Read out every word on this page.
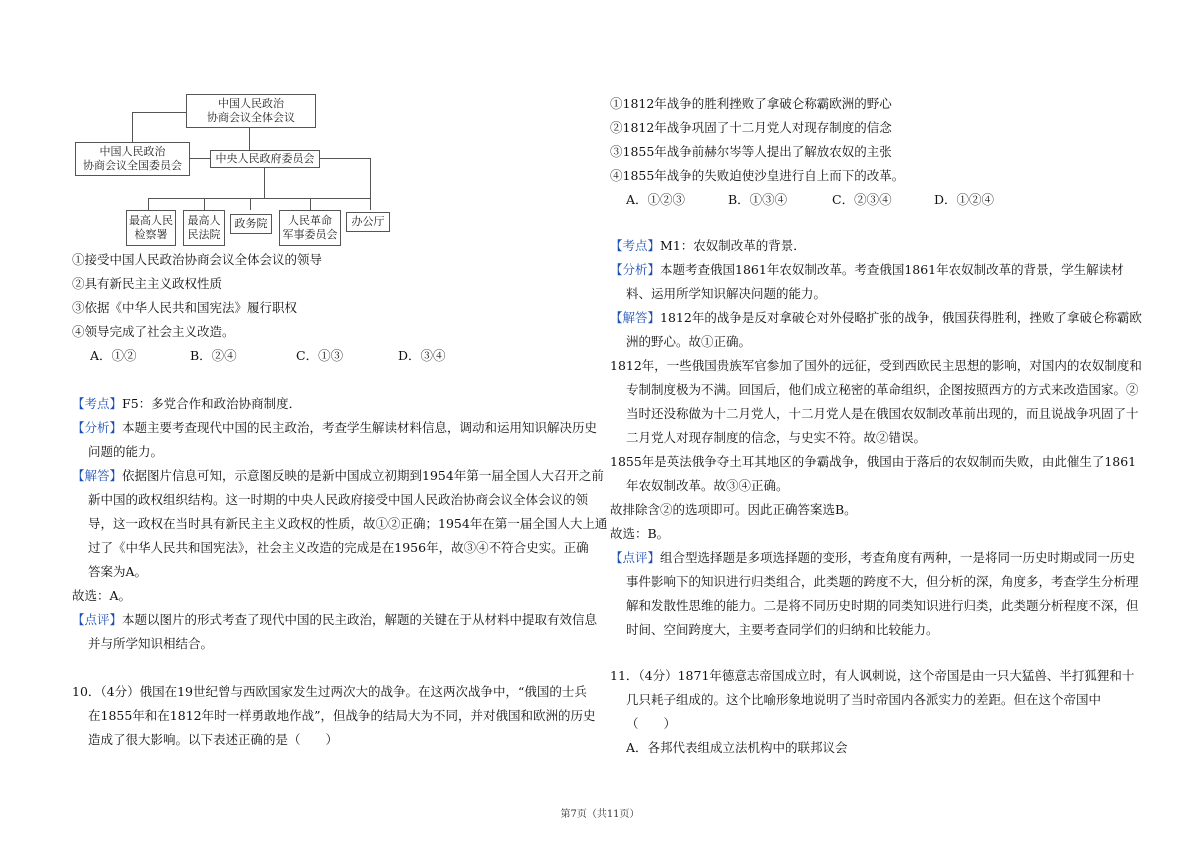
中国人民政治
协商会议全体会议
中国人民政治
协商会议全国委员会
中央人民政府委员会
最高人民
检察署
最高人
民法院
政务院	人民革命
军事委员会
办公厅
①接受中国人民政治协商会议全体会议的领导
②具有新民主主义政权性质
③依据《中华人民共和国宪法》履行职权
④领导完成了社会主义改造。
A．①②	B．②④	C．①③	D．③④
【考点】F5：多党合作和政治协商制度．
【分析】本题主要考查现代中国的民主政治，考查学生解读材料信息，调动和运用知识解决历史
问题的能力。
【解答】依据图片信息可知，示意图反映的是新中国成立初期到1954年第一届全国人大召开之前
新中国的政权组织结构。这一时期的中央人民政府接受中国人民政治协商会议全体会议的领
导，这一政权在当时具有新民主主义政权的性质，故①②正确；1954年在第一届全国人大上通
过了《中华人民共和国宪法》，社会主义改造的完成是在1956年，故③④不符合史实。正确
答案为A。
故选：A。
【点评】本题以图片的形式考查了现代中国的民主政治，解题的关键在于从材料中提取有效信息
并与所学知识相结合。
10．（4分）俄国在19世纪曾与西欧国家发生过两次大的战争。在这两次战争中，“俄国的士兵
在1855年和在1812年时一样勇敢地作战”，但战争的结局大为不同，并对俄国和欧洲的历史
造成了很大影响。以下表述正确的是（　　）
①1812年战争的胜利挫败了拿破仑称霸欧洲的野心
②1812年战争巩固了十二月党人对现存制度的信念
③1855年战争前赫尔岑等人提出了解放农奴的主张
④1855年战争的失败迫使沙皇进行自上而下的改革。
A．①②③	B．①③④	C．②③④	D．①②④
【考点】M1：农奴制改革的背景．
【分析】本题考查俄国1861年农奴制改革。考查俄国1861年农奴制改革的背景，学生解读材
料、运用所学知识解决问题的能力。
【解答】1812年的战争是反对拿破仑对外侵略扩张的战争，俄国获得胜利，挫败了拿破仑称霸欧
洲的野心。故①正确。
1812年，一些俄国贵族军官参加了国外的远征，受到西欧民主思想的影响，对国内的农奴制度和
专制制度极为不满。回国后，他们成立秘密的革命组织，企图按照西方的方式来改造国家。②
当时还没称做为十二月党人，十二月党人是在俄国农奴制改革前出现的，而且说战争巩固了十
二月党人对现存制度的信念，与史实不符。故②错误。
1855年是英法俄争夺土耳其地区的争霸战争，俄国由于落后的农奴制而失败，由此催生了1861
年农奴制改革。故③④正确。
故排除含②的选项即可。因此正确答案选B。
故选：B。
【点评】组合型选择题是多项选择题的变形，考查角度有两种，一是将同一历史时期或同一历史
事件影响下的知识进行归类组合，此类题的跨度不大，但分析的深，角度多，考查学生分析理
解和发散性思维的能力。二是将不同历史时期的同类知识进行归类，此类题分析程度不深，但
时间、空间跨度大，主要考查同学们的归纳和比较能力。
11．（4分）1871年德意志帝国成立时，有人讽刺说，这个帝国是由一只大猛兽、半打狐狸和十
几只耗子组成的。这个比喻形象地说明了当时帝国内各派实力的差距。但在这个帝国中
（　　）
A．各邦代表组成立法机构中的联邦议会
第7页（共11页）
